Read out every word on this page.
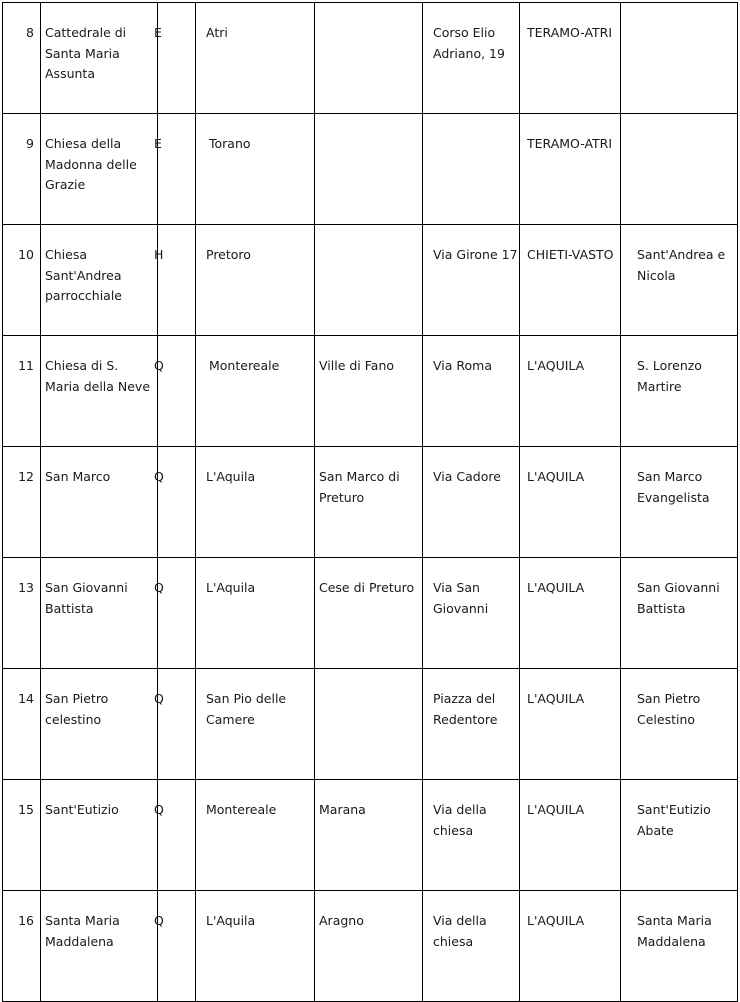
8	Cattedrale di Santa Maria Assunta	E	Atri		Corso Elio Adriano, 19	TERAMO-ATRI	
9	Chiesa della Madonna delle Grazie	E	Torano			TERAMO-ATRI	
10	Chiesa Sant'Andrea parrocchiale	H	Pretoro		Via Girone 17	CHIETI-VASTO	Sant'Andrea e Nicola
11	Chiesa di S. Maria della Neve	Q	Montereale	Ville di Fano	Via Roma	L'AQUILA	S. Lorenzo Martire
12	San Marco	Q	L'Aquila	San Marco di Preturo	Via Cadore	L'AQUILA	San Marco Evangelista
13	San Giovanni Battista	Q	L'Aquila	Cese di Preturo	Via San Giovanni	L'AQUILA	San Giovanni Battista
14	San Pietro celestino	Q	San Pio delle Camere		Piazza del Redentore	L'AQUILA	San Pietro Celestino
15	Sant'Eutizio	Q	Montereale	Marana	Via della chiesa	L'AQUILA	Sant'Eutizio Abate
16	Santa Maria Maddalena	Q	L'Aquila	Aragno	Via della chiesa	L'AQUILA	Santa Maria Maddalena
